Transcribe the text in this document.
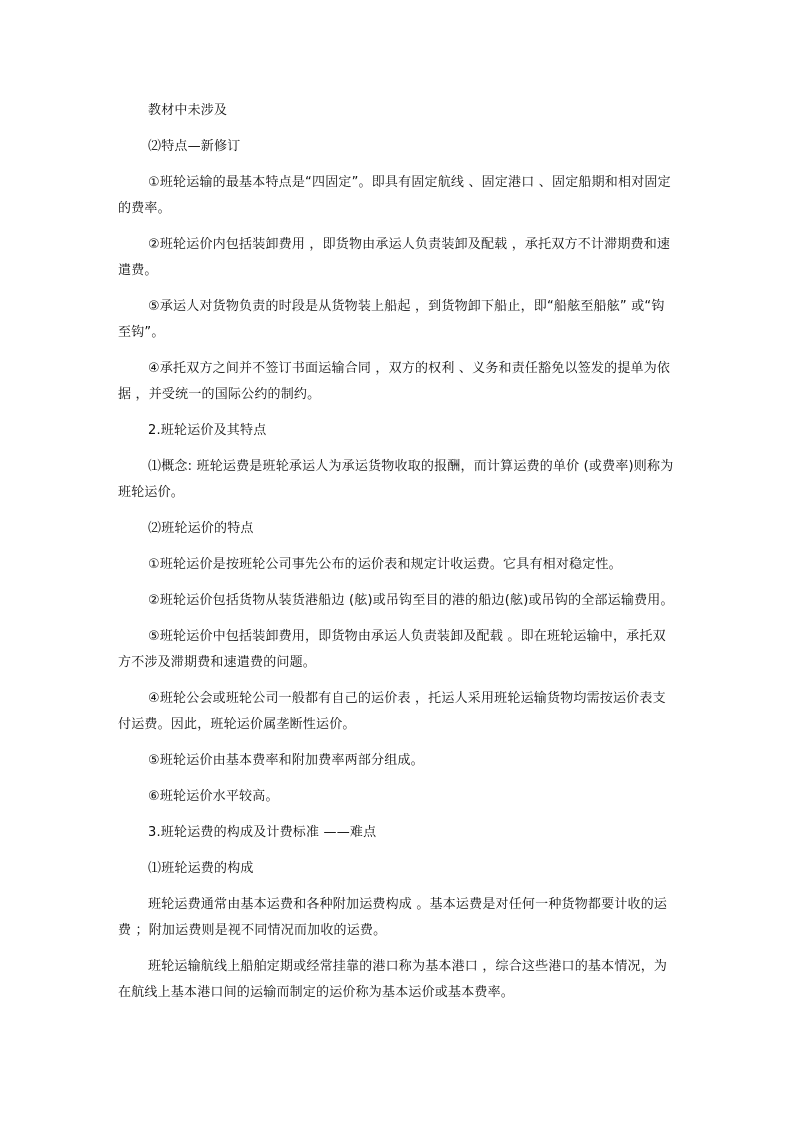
教材中未涉及

⑵特点—新修订

①班轮运输的最基本特点是“四固定”。即具有固定航线 、固定港口 、固定船期和相对固定的费率。

②班轮运价内包括装卸费用 ，即货物由承运人负责装卸及配载 ，承托双方不计滞期费和速遣费。

⑤承运人对货物负责的时段是从货物装上船起 ，到货物卸下船止，即“船舷至船舷” 或“钩至钩”。

④承托双方之间并不签订书面运输合同 ，双方的权利 、义务和责任豁免以签发的提单为依据 ，并受统一的国际公约的制约。

2.班轮运价及其特点

⑴概念: 班轮运费是班轮承运人为承运货物收取的报酬，而计算运费的单价 (或费率)则称为班轮运价。

⑵班轮运价的特点

①班轮运价是按班轮公司事先公布的运价表和规定计收运费。它具有相对稳定性。

②班轮运价包括货物从装货港船边 (舷)或吊钩至目的港的船边(舷)或吊钩的全部运输费用。

⑤班轮运价中包括装卸费用，即货物由承运人负责装卸及配载 。即在班轮运输中，承托双方不涉及滞期费和速遣费的问题。

④班轮公会或班轮公司一般都有自己的运价表 ，托运人采用班轮运输货物均需按运价表支付运费。因此，班轮运价属垄断性运价。

⑤班轮运价由基本费率和附加费率两部分组成。

⑥班轮运价水平较高。

3.班轮运费的构成及计费标准 ——难点

⑴班轮运费的构成

班轮运费通常由基本运费和各种附加运费构成 。基本运费是对任何一种货物都要计收的运费 ；附加运费则是视不同情况而加收的运费。

班轮运输航线上船舶定期或经常挂靠的港口称为基本港口 ，综合这些港口的基本情况，为在航线上基本港口间的运输而制定的运价称为基本运价或基本费率。
